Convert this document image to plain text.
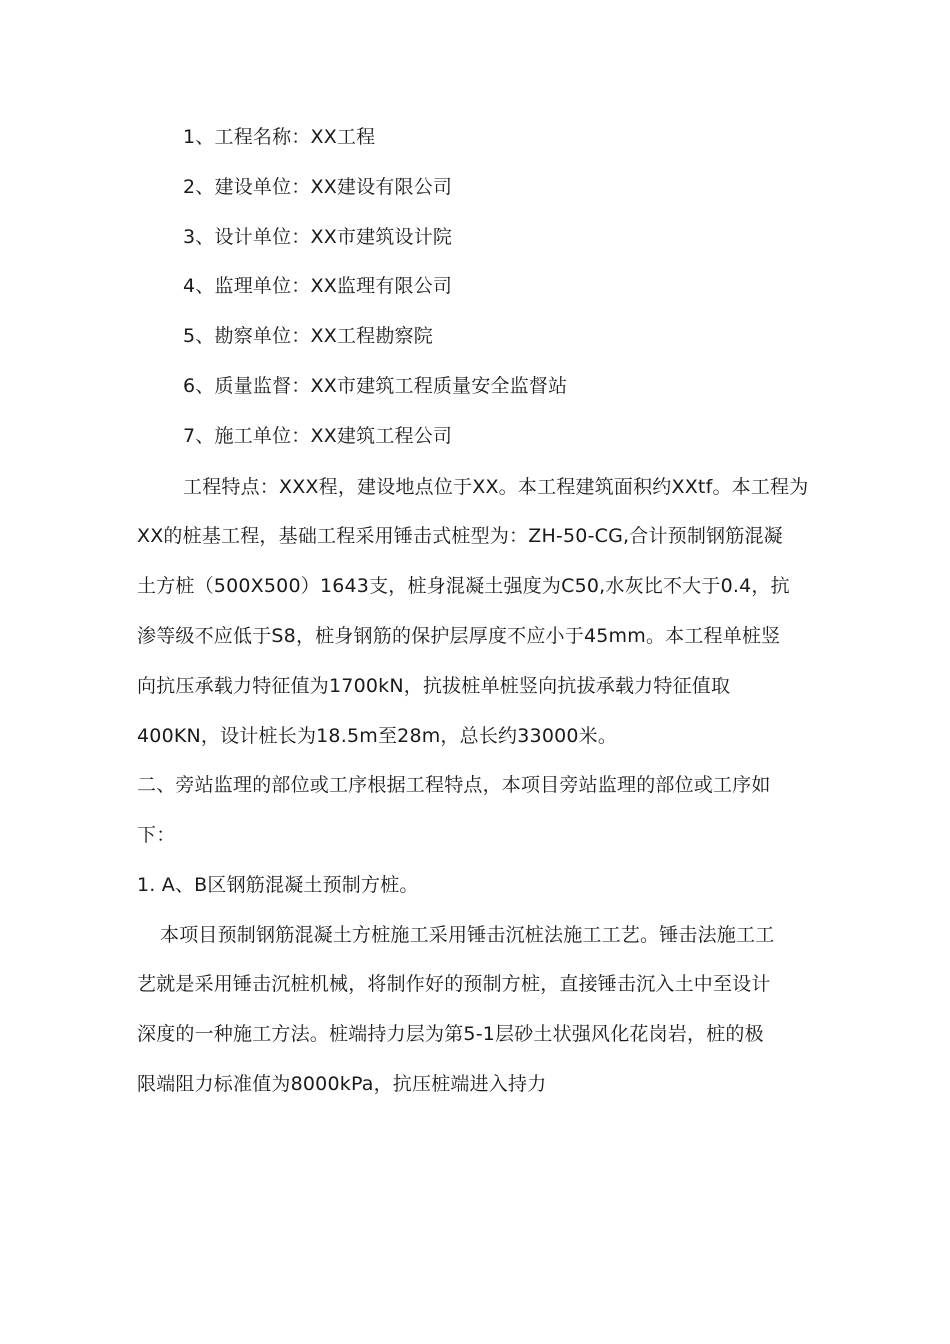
1、工程名称：XX工程
2、建设单位：XX建设有限公司
3、设计单位：XX市建筑设计院
4、监理单位：XX监理有限公司
5、勘察单位：XX工程勘察院
6、质量监督：XX市建筑工程质量安全监督站
7、施工单位：XX建筑工程公司
工程特点：XXX程，建设地点位于XX。本工程建筑面积约XXtf。本工程为
XX的桩基工程，基础工程采用锤击式桩型为：ZH-50-CG,合计预制钢筋混凝
土方桩（500X500）1643支，桩身混凝土强度为C50,水灰比不大于0.4，抗
渗等级不应低于S8，桩身钢筋的保护层厚度不应小于45mm。本工程单桩竖
向抗压承载力特征值为1700kN，抗拔桩单桩竖向抗拔承载力特征值取
400KN，设计桩长为18.5m至28m，总长约33000米。
二、旁站监理的部位或工序根据工程特点，本项目旁站监理的部位或工序如
下：
1. A、B区钢筋混凝土预制方桩。
本项目预制钢筋混凝土方桩施工采用锤击沉桩法施工工艺。锤击法施工工
艺就是采用锤击沉桩机械，将制作好的预制方桩，直接锤击沉入土中至设计
深度的一种施工方法。桩端持力层为第5-1层砂土状强风化花岗岩，桩的极
限端阻力标准值为8000kPa，抗压桩端进入持力
